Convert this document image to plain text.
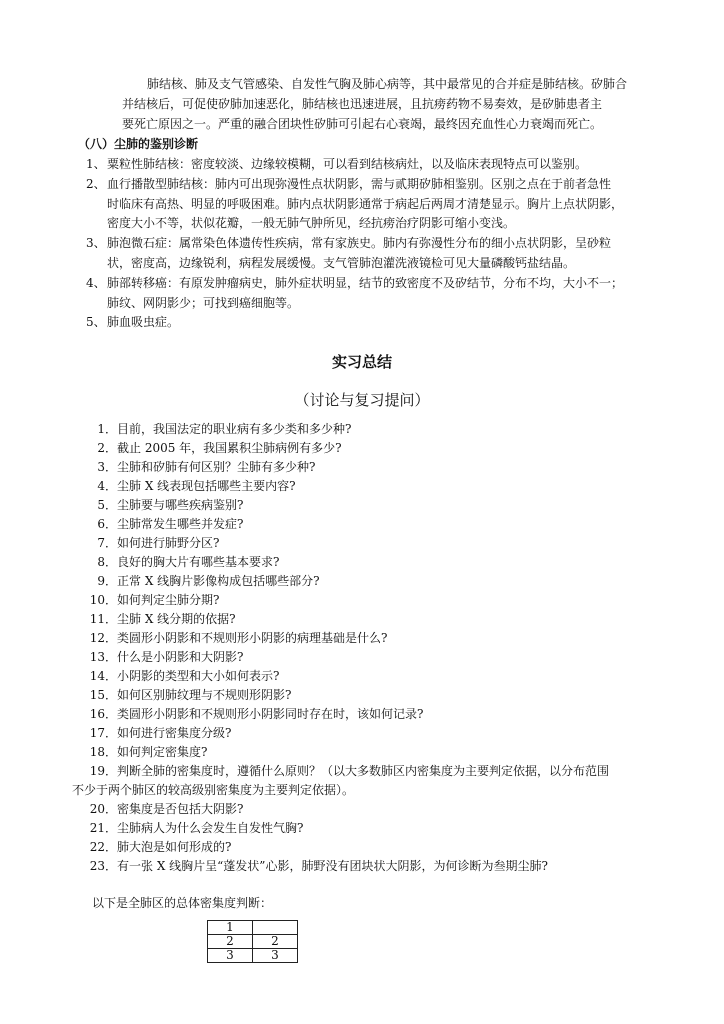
肺结核、肺及支气管感染、自发性气胸及肺心病等，其中最常见的合并症是肺结核。矽肺合
并结核后，可促使矽肺加速恶化，肺结核也迅速进展，且抗痨药物不易奏效，是矽肺患者主
要死亡原因之一。严重的融合团块性矽肺可引起右心衰竭，最终因充血性心力衰竭而死亡。
（八）尘肺的鉴别诊断
1、 粟粒性肺结核：密度较淡、边缘较模糊，可以看到结核病灶，以及临床表现特点可以鉴别。
2、 血行播散型肺结核：肺内可出现弥漫性点状阴影，需与贰期矽肺相鉴别。区别之点在于前者急性
时临床有高热、明显的呼吸困难。肺内点状阴影通常于病起后两周才清楚显示。胸片上点状阴影，
密度大小不等，状似花瓣，一般无肺气肿所见，经抗痨治疗阴影可缩小变浅。
3、 肺泡微石症：属常染色体遗传性疾病，常有家族史。肺内有弥漫性分布的细小点状阴影，呈砂粒
状，密度高，边缘锐利，病程发展缓慢。支气管肺泡灌洗液镜检可见大量磷酸钙盐结晶。
4、 肺部转移癌：有原发肿瘤病史，肺外症状明显，结节的致密度不及矽结节，分布不均，大小不一；
肺纹、网阴影少；可找到癌细胞等。
5、 肺血吸虫症。
实习总结
（讨论与复习提问）
1．目前，我国法定的职业病有多少类和多少种?
2．截止 2005 年，我国累积尘肺病例有多少?
3．尘肺和矽肺有何区别？尘肺有多少种?
4．尘肺 X 线表现包括哪些主要内容?
5．尘肺要与哪些疾病鉴别?
6．尘肺常发生哪些并发症?
7．如何进行肺野分区?
8．良好的胸大片有哪些基本要求?
9．正常 X 线胸片影像构成包括哪些部分?
10．如何判定尘肺分期?
11．尘肺 X 线分期的依据?
12．类圆形小阴影和不规则形小阴影的病理基础是什么?
13．什么是小阴影和大阴影?
14．小阴影的类型和大小如何表示?
15．如何区别肺纹理与不规则形阴影?
16．类圆形小阴影和不规则形小阴影同时存在时，该如何记录?
17．如何进行密集度分级?
18．如何判定密集度?
19．判断全肺的密集度时，遵循什么原则？（以大多数肺区内密集度为主要判定依据，以分布范围
不少于两个肺区的较高级别密集度为主要判定依据）。
20．密集度是否包括大阴影?
21．尘肺病人为什么会发生自发性气胸?
22．肺大泡是如何形成的?
23．有一张 X 线胸片呈“蓬发状”心影，肺野没有团块状大阴影，为何诊断为叁期尘肺?
以下是全肺区的总体密集度判断：
1	
2	2
3	3
